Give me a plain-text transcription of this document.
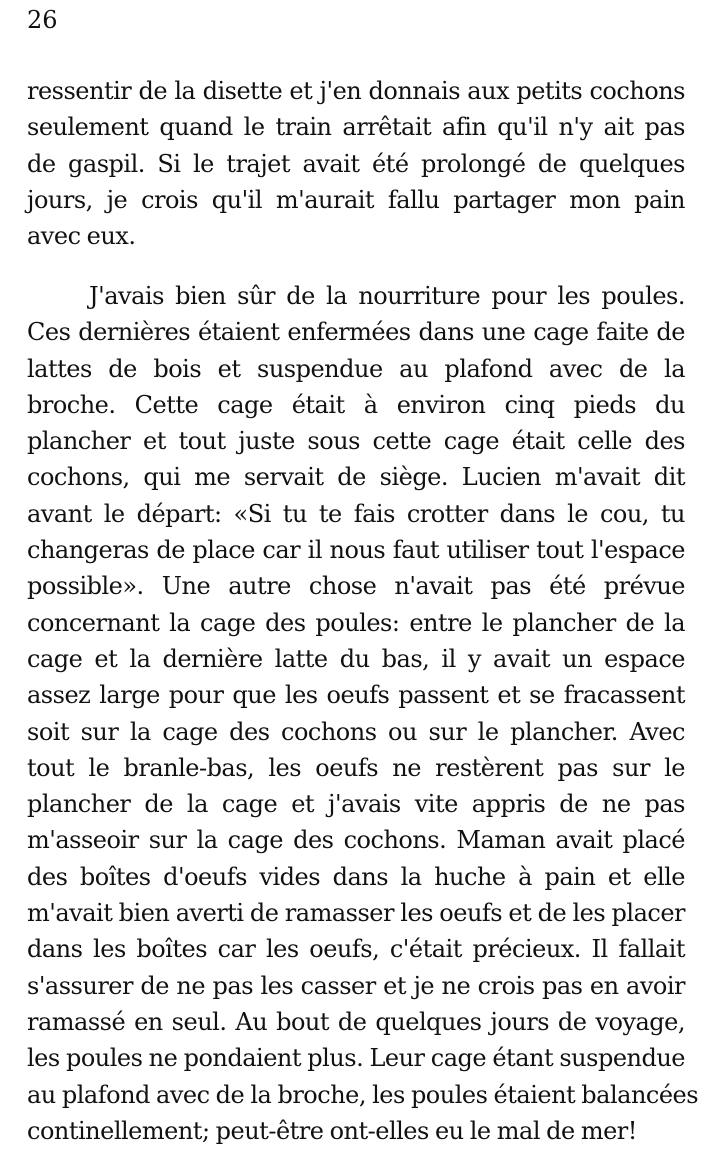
26
ressentir de la disette et j'en donnais aux petits cochons
seulement quand le train arrêtait afin qu'il n'y ait pas
de gaspil. Si le trajet avait été prolongé de quelques
jours, je crois qu'il m'aurait fallu partager mon pain
avec eux.
J'avais bien sûr de la nourriture pour les poules.
Ces dernières étaient enfermées dans une cage faite de
lattes de bois et suspendue au plafond avec de la
broche. Cette cage était à environ cinq pieds du
plancher et tout juste sous cette cage était celle des
cochons, qui me servait de siège. Lucien m'avait dit
avant le départ: «Si tu te fais crotter dans le cou, tu
changeras de place car il nous faut utiliser tout l'espace
possible». Une autre chose n'avait pas été prévue
concernant la cage des poules: entre le plancher de la
cage et la dernière latte du bas, il y avait un espace
assez large pour que les oeufs passent et se fracassent
soit sur la cage des cochons ou sur le plancher. Avec
tout le branle-bas, les oeufs ne restèrent pas sur le
plancher de la cage et j'avais vite appris de ne pas
m'asseoir sur la cage des cochons. Maman avait placé
des boîtes d'oeufs vides dans la huche à pain et elle
m'avait bien averti de ramasser les oeufs et de les placer
dans les boîtes car les oeufs, c'était précieux. Il fallait
s'assurer de ne pas les casser et je ne crois pas en avoir
ramassé en seul. Au bout de quelques jours de voyage,
les poules ne pondaient plus. Leur cage étant suspendue
au plafond avec de la broche, les poules étaient balancées
continellement; peut-être ont-elles eu le mal de mer!
